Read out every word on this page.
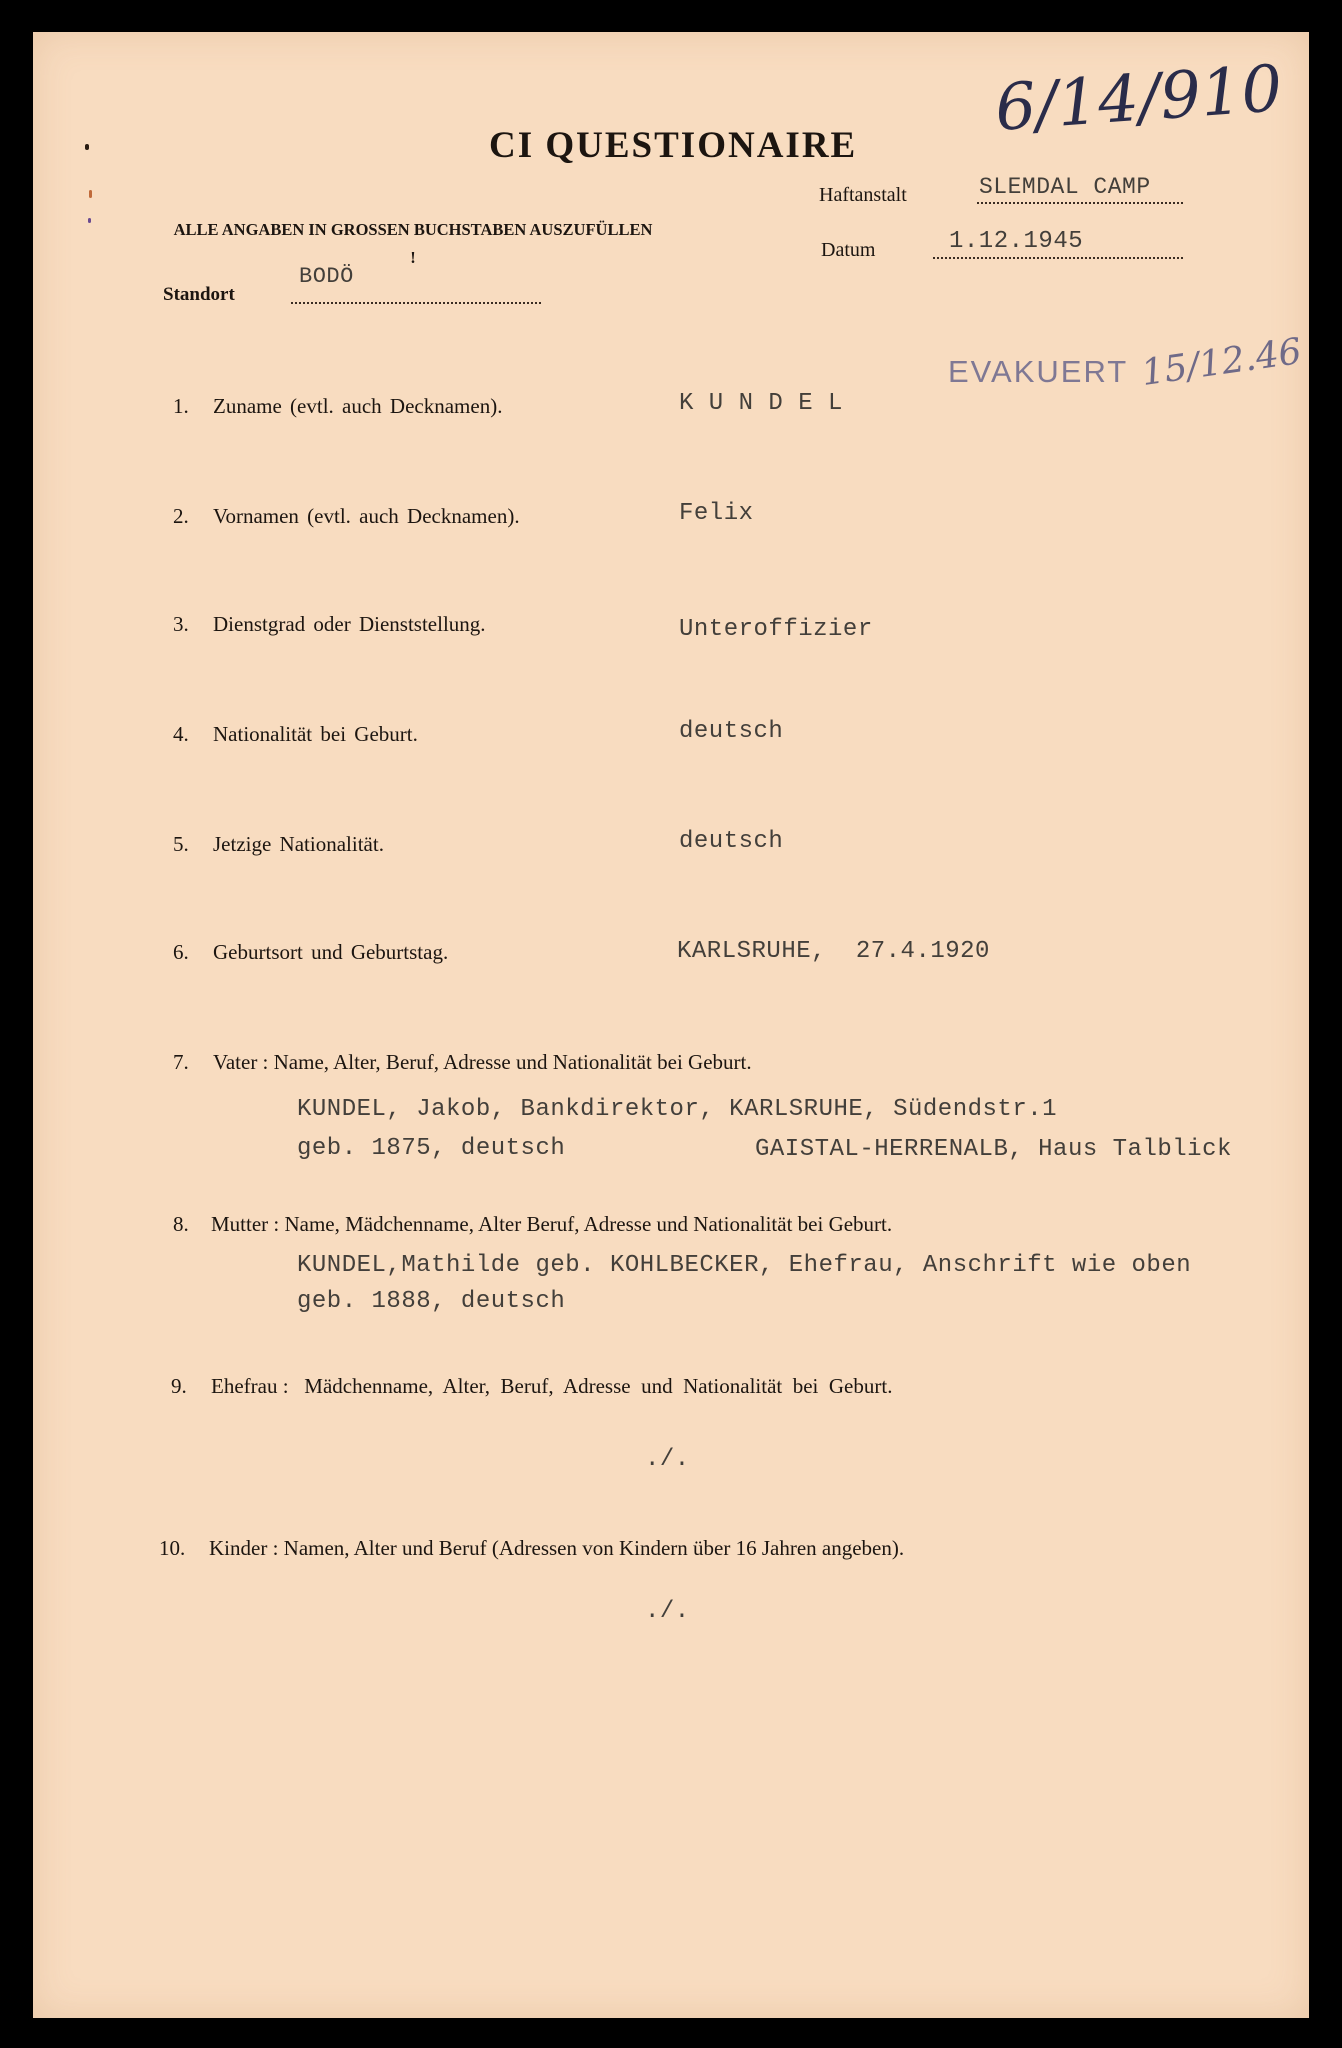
6/14/910
CI QUESTIONAIRE
ALLE ANGABEN IN GROSSEN BUCHSTABEN AUSZUFÜLLEN !
Haftanstalt	SLEMDAL CAMP
Datum	1.12.1945
Standort
BODÖ
EVAKUERT 15/12.46
1. Zuname (evtl. auch Decknamen).	K U N D E L
2. Vornamen (evtl. auch Decknamen).	Felix
3. Dienstgrad oder Dienststellung.	Unteroffizier
4. Nationalität bei Geburt.	deutsch
5. Jetzige Nationalität.	deutsch
6. Geburtsort und Geburtstag.	KARLSRUHE,  27.4.1920
7. Vater : Name, Alter, Beruf, Adresse und Nationalität bei Geburt.
KUNDEL, Jakob, Bankdirektor, KARLSRUHE, Südendstr.1
geb. 1875, deutsch	GAISTAL-HERRENALB, Haus Talblick
8. Mutter : Name, Mädchenname, Alter Beruf, Adresse und Nationalität bei Geburt.
KUNDEL,Mathilde geb. KOHLBECKER, Ehefrau, Anschrift wie oben
geb. 1888, deutsch
9. Ehefrau :   Mädchenname,  Alter,  Beruf,  Adresse  und  Nationalität  bei  Geburt.
./.
10. Kinder : Namen, Alter und Beruf (Adressen von Kindern über 16 Jahren angeben).
./.
